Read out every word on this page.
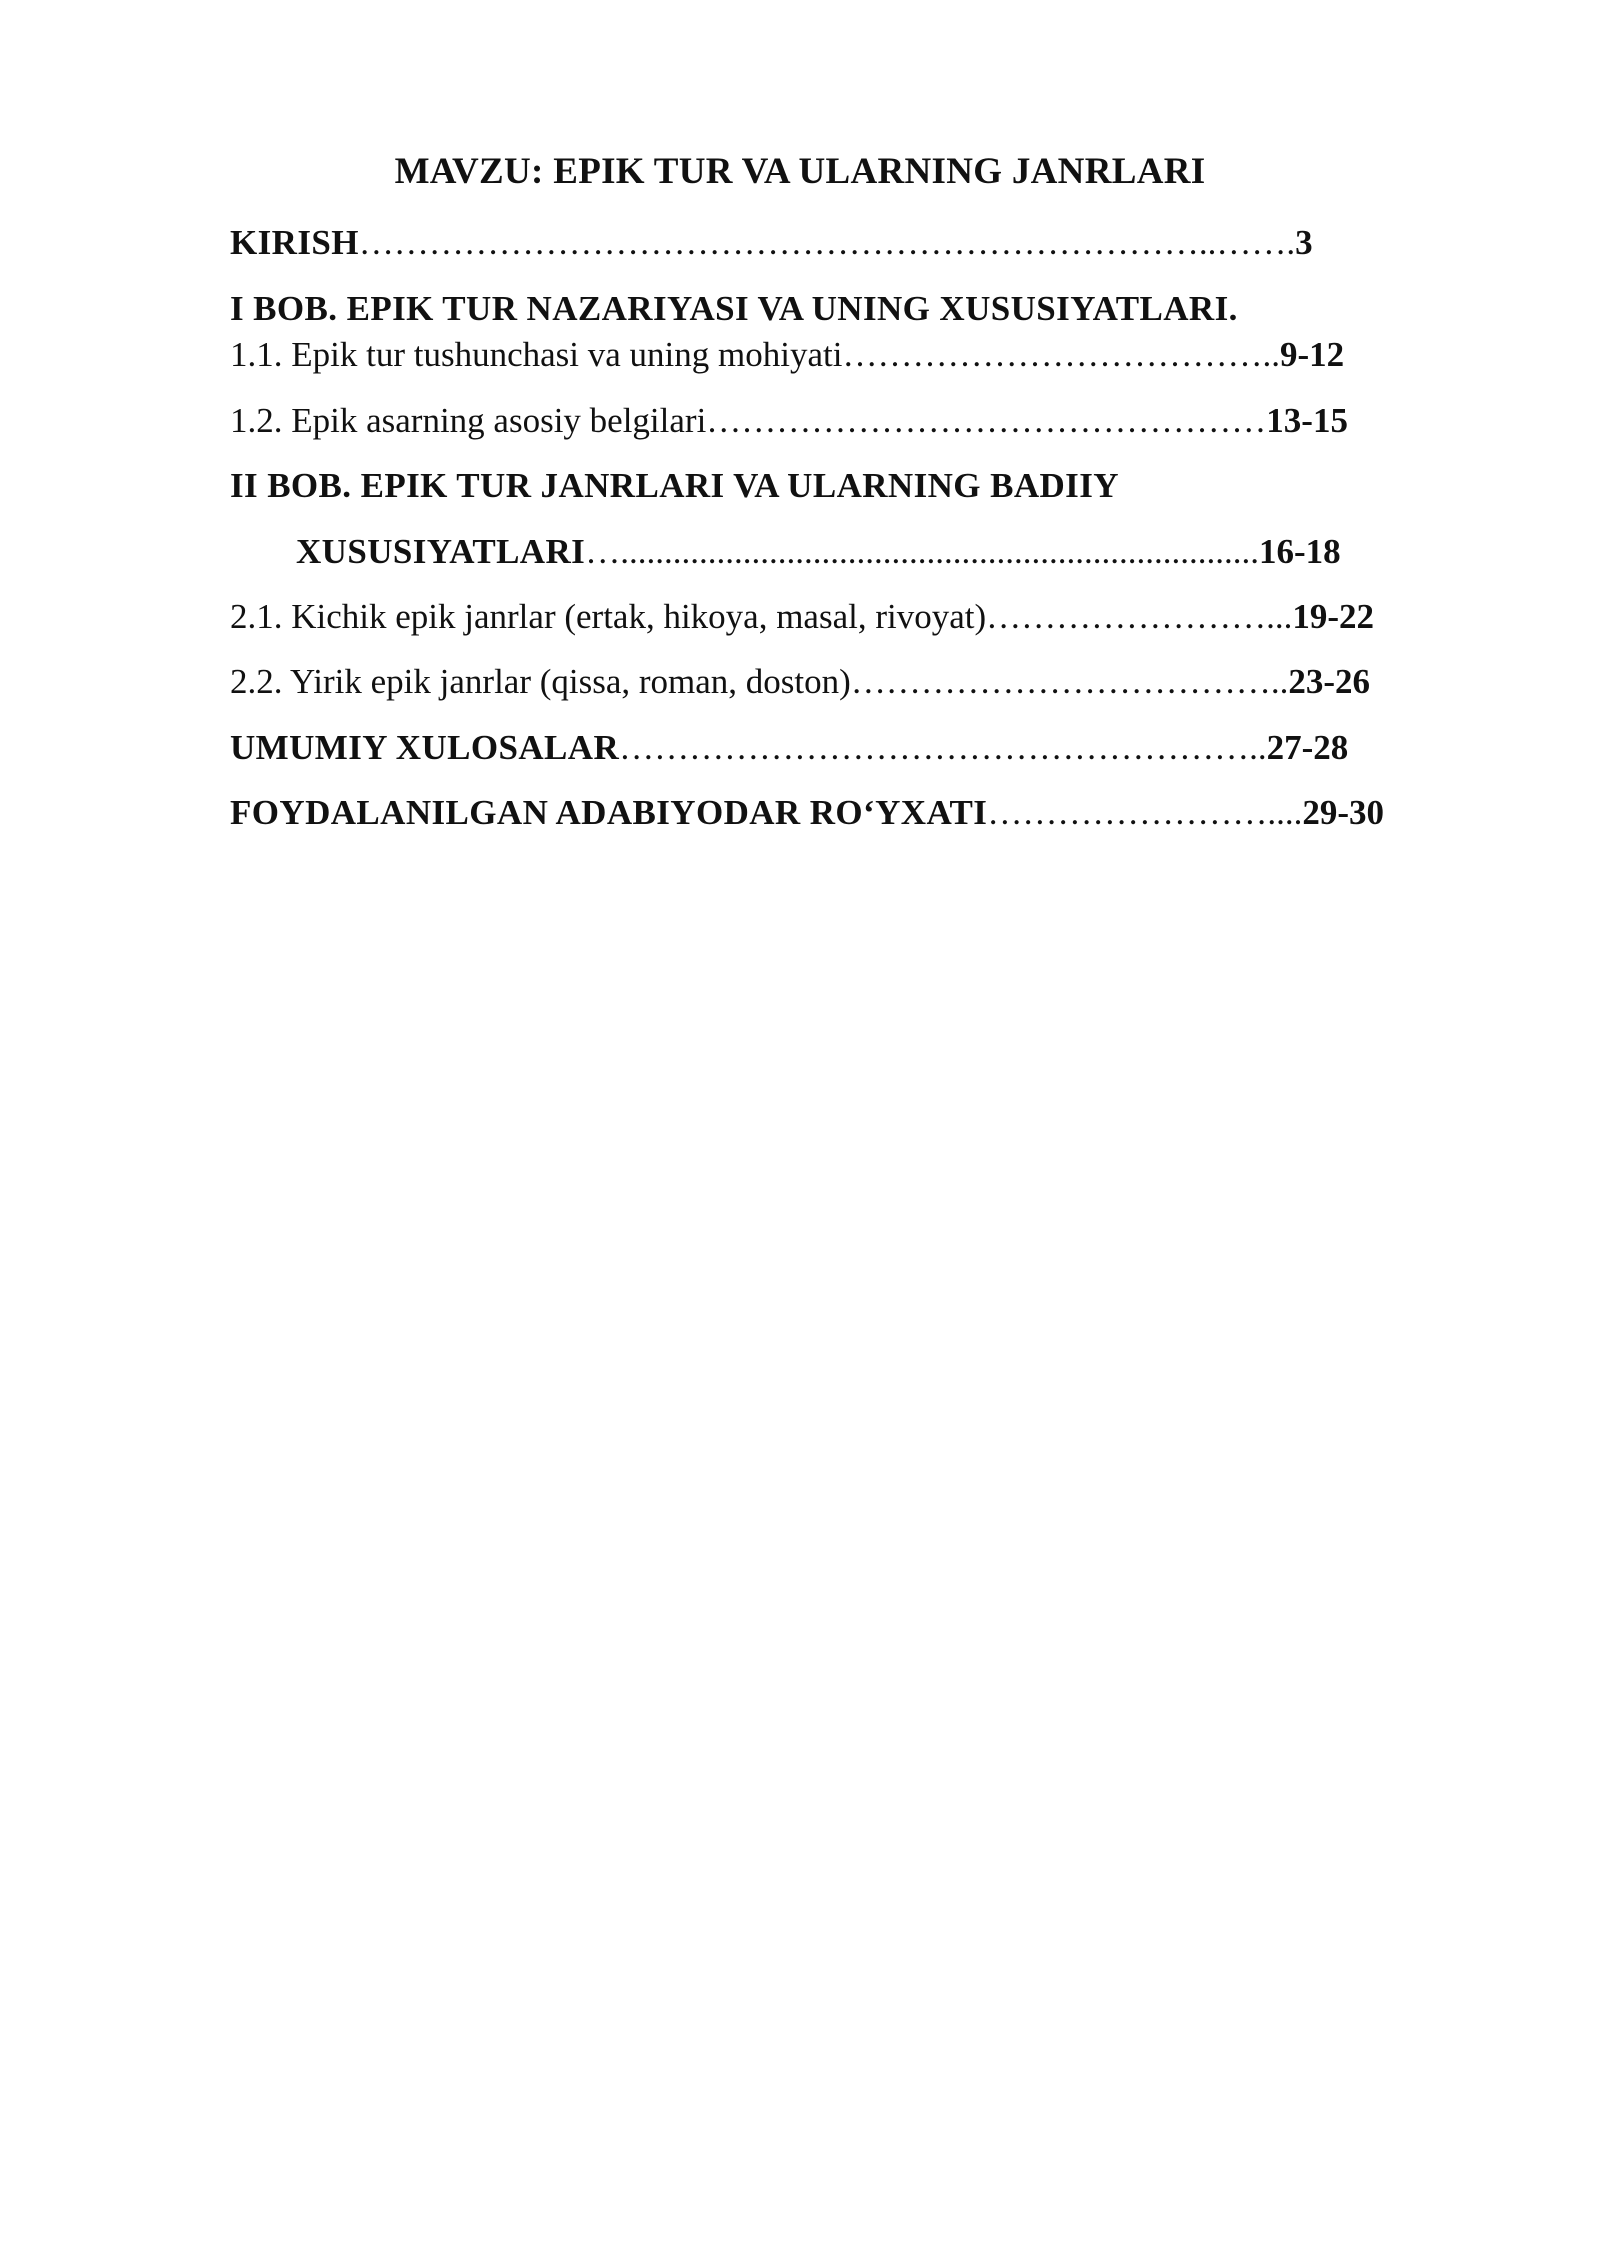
MAVZU: EPIK TUR VA ULARNING JANRLARI
KIRISH………………………………………………………………..…….3
I BOB. EPIK TUR NAZARIYASI VA UNING XUSUSIYATLARI.
1.1. Epik tur tushunchasi va uning mohiyati………………………………..9-12
1.2. Epik asarning asosiy belgilari…………………………………………13-15
II BOB. EPIK TUR JANRLARI VA ULARNING BADIIY
XUSUSIYATLARI….........................................................................16-18
2.1. Kichik epik janrlar (ertak, hikoya, masal, rivoyat)……………………...19-22
2.2. Yirik epik janrlar (qissa, roman, doston)………………………………..23-26
UMUMIY XULOSALAR………………………………………………..27-28
FOYDALANILGAN ADABIYODAR RO‘YXATI……………………....29-30
